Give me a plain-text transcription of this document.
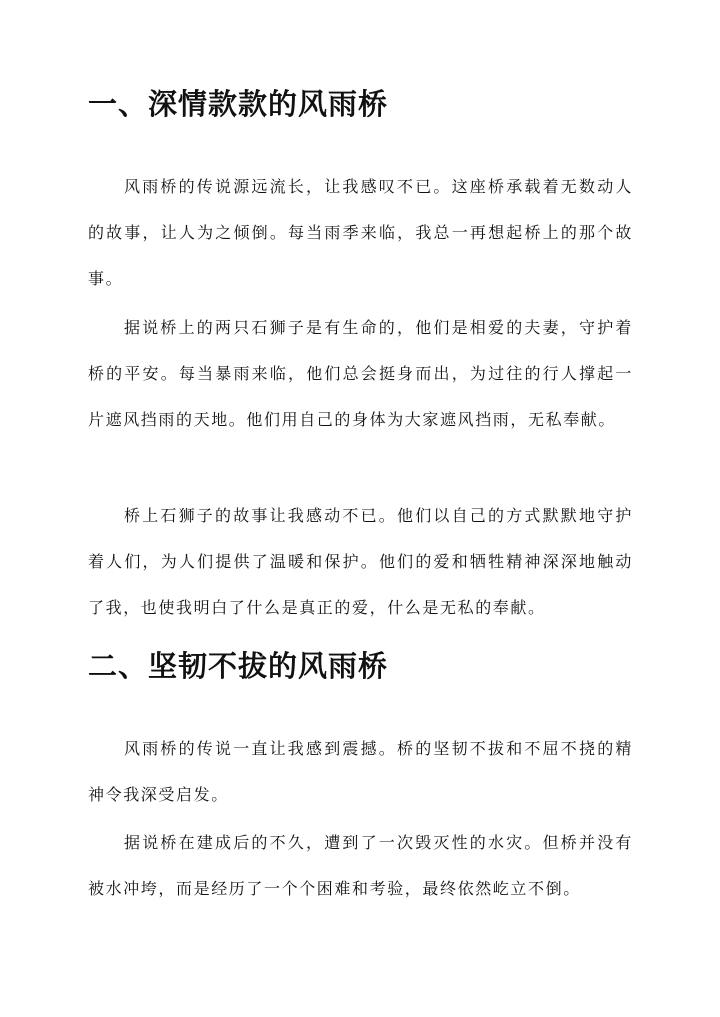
一、深情款款的风雨桥

风雨桥的传说源远流长，让我感叹不已。这座桥承载着无数动人的故事，让人为之倾倒。每当雨季来临，我总一再想起桥上的那个故事。

据说桥上的两只石狮子是有生命的，他们是相爱的夫妻，守护着桥的平安。每当暴雨来临，他们总会挺身而出，为过往的行人撑起一片遮风挡雨的天地。他们用自己的身体为大家遮风挡雨，无私奉献。

桥上石狮子的故事让我感动不已。他们以自己的方式默默地守护着人们，为人们提供了温暖和保护。他们的爱和牺牲精神深深地触动了我，也使我明白了什么是真正的爱，什么是无私的奉献。

二、坚韧不拔的风雨桥

风雨桥的传说一直让我感到震撼。桥的坚韧不拔和不屈不挠的精神令我深受启发。

据说桥在建成后的不久，遭到了一次毁灭性的水灾。但桥并没有被水冲垮，而是经历了一个个困难和考验，最终依然屹立不倒。
